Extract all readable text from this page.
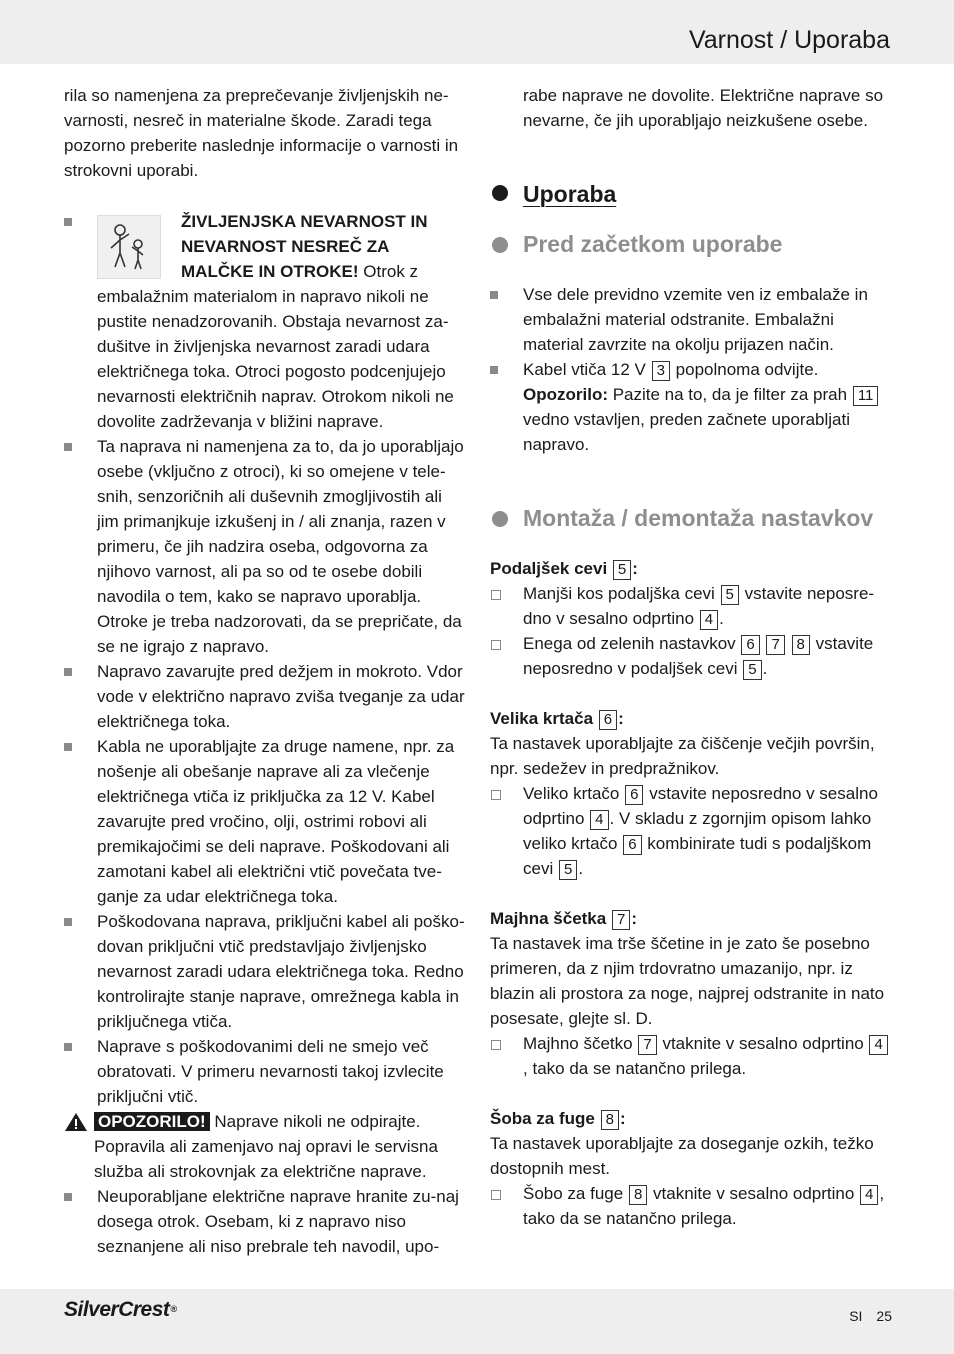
Varnost / Uporaba

rila so namenjena za preprečevanje življenjskih ne-varnosti, nesreč in materialne škode. Zaradi tega pozorno preberite naslednje informacije o varnosti in strokovni uporabi.

ŽIVLJENJSKA NEVARNOST IN NEVARNOST NESREČ ZA MALČKE IN OTROKE! Otrok z embalažnim materialom in napravo nikoli ne pustite nenadzorovanih. Obstaja nevarnost za-dušitve in življenjska nevarnost zaradi udara električnega toka. Otroci pogosto podcenjujejo nevarnosti električnih naprav. Otrokom nikoli ne dovolite zadrževanja v bližini naprave.

Ta naprava ni namenjena za to, da jo uporabljajo osebe (vključno z otroci), ki so omejene v tele-snih, senzoričnih ali duševnih zmogljivostih ali jim primanjkuje izkušenj in / ali znanja, razen v primeru, če jih nadzira oseba, odgovorna za njihovo varnost, ali pa so od te osebe dobili navodila o tem, kako se napravo uporablja. Otroke je treba nadzorovati, da se prepričate, da se ne igrajo z napravo.

Napravo zavarujte pred dežjem in mokroto. Vdor vode v električno napravo zviša tveganje za udar električnega toka.

Kabla ne uporabljajte za druge namene, npr. za nošenje ali obešanje naprave ali za vlečenje električnega vtiča iz priključka za 12 V. Kabel zavarujte pred vročino, olji, ostrimi robovi ali premikajočimi se deli naprave. Poškodovani ali zamotani kabel ali električni vtič povečata tve-ganje za udar električnega toka.

Poškodovana naprava, priključni kabel ali poško-dovan priključni vtič predstavljajo življenjsko nevarnost zaradi udara električnega toka. Redno kontrolirajte stanje naprave, omrežnega kabla in priključnega vtiča.

Naprave s poškodovanimi deli ne smejo več obratovati. V primeru nevarnosti takoj izvlecite priključni vtič.

OPOZORILO! Naprave nikoli ne odpirajte. Popravila ali zamenjavo naj opravi le servisna služba ali strokovnjak za električne naprave.

Neuporabljane električne naprave hranite zu-naj dosega otrok. Osebam, ki z napravo niso seznanjene ali niso prebrale teh navodil, upo-

rabe naprave ne dovolite. Električne naprave so nevarne, če jih uporabljajo neizkušene osebe.

Uporaba
Pred začetkom uporabe

Vse dele previdno vzemite ven iz embalaže in embalažni material odstranite. Embalažni material zavrzite na okolju prijazen način.

Kabel vtiča 12 V 3 popolnoma odvijte.
Opozorilo: Pazite na to, da je filter za prah 11 vedno vstavljen, preden začnete uporabljati napravo.

Montaža / demontaža nastavkov

Podaljšek cevi 5 :

Manjši kos podaljška cevi 5 vstavite neposre-dno v sesalno odprtino 4 .

Enega od zelenih nastavkov 6 7 8 vstavite neposredno v podaljšek cevi 5 .

Velika krtača 6 :

Ta nastavek uporabljajte za čiščenje večjih površin, npr. sedežev in predpražnikov.

Veliko krtačo 6 vstavite neposredno v sesalno odprtino 4 . V skladu z zgornjim opisom lahko veliko krtačo 6 kombinirate tudi s podaljškom cevi 5 .

Majhna ščetka 7 :

Ta nastavek ima trše ščetine in je zato še posebno primeren, da z njim trdovratno umazanijo, npr. iz blazin ali prostora za noge, najprej odstranite in nato posesate, glejte sl. D.

Majhno ščetko 7 vtaknite v sesalno odprtino 4, tako da se natančno prilega.

Šoba za fuge 8 :

Ta nastavek uporabljajte za doseganje ozkih, težko dostopnih mest.

Šobo za fuge 8 vtaknite v sesalno odprtino 4 , tako da se natančno prilega.

SilverCrest®	SI 25
